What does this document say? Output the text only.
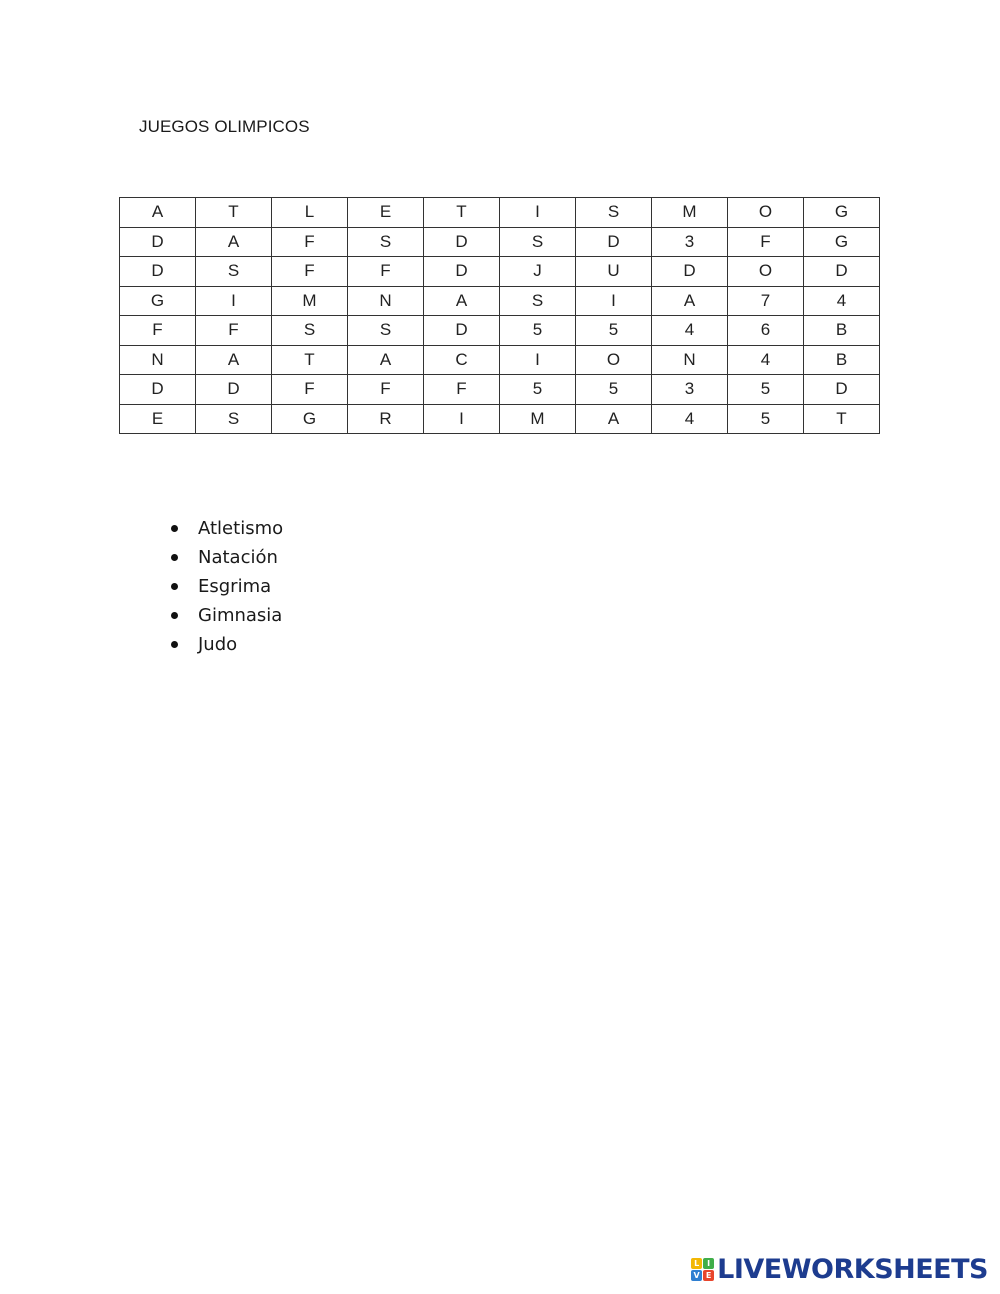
JUEGOS OLIMPICOS
A	T	L	E	T	I	S	M	O	G
D	A	F	S	D	S	D	3	F	G
D	S	F	F	D	J	U	D	O	D
G	I	M	N	A	S	I	A	7	4
F	F	S	S	D	5	5	4	6	B
N	A	T	A	C	I	O	N	4	B
D	D	F	F	F	5	5	3	5	D
E	S	G	R	I	M	A	4	5	T
Atletismo
Natación
Esgrima
Gimnasia
Judo
L I
V E LIVEWORKSHEETS
